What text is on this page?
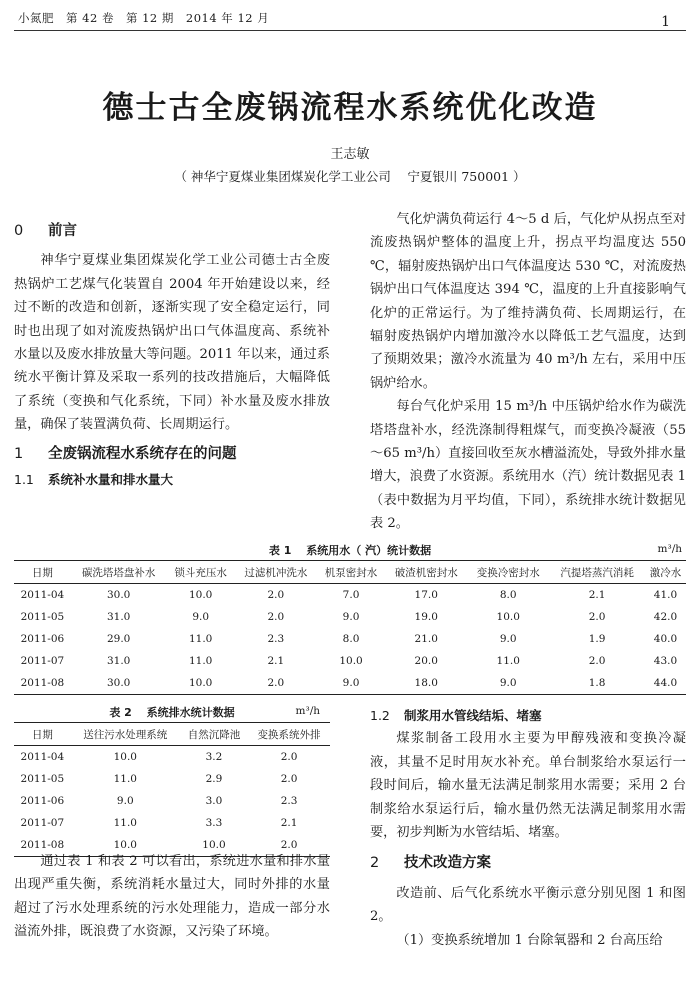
小氮肥　第 42 卷　第 12 期　2014 年 12 月	1
德士古全废锅流程水系统优化改造
王志敏
（ 神华宁夏煤业集团煤炭化学工业公司　 宁夏银川 750001 ）
0 前言

神华宁夏煤业集团煤炭化学工业公司德士古全废热锅炉工艺煤气化装置自 2004 年开始建设以来，经过不断的改造和创新，逐渐实现了安全稳定运行，同时也出现了如对流废热锅炉出口气体温度高、系统补水量以及废水排放量大等问题。2011 年以来，通过系统水平衡计算及采取一系列的技改措施后，大幅降低了系统（变换和气化系统，下同）补水量及废水排放量，确保了装置满负荷、长周期运行。

1 全废锅流程水系统存在的问题
1.1 系统补水量和排水量大

气化炉满负荷运行 4～5 d 后，气化炉从拐点至对流废热锅炉整体的温度上升，拐点平均温度达 550 ℃，辐射废热锅炉出口气体温度达 530 ℃，对流废热锅炉出口气体温度达 394 ℃，温度的上升直接影响气化炉的正常运行。为了维持满负荷、长周期运行，在辐射废热锅炉内增加激冷水以降低工艺气温度，达到了预期效果；激冷水流量为 40 m³/h 左右，采用中压锅炉给水。

每台气化炉采用 15 m³/h 中压锅炉给水作为碳洗塔塔盘补水，经洗涤制得粗煤气，而变换冷凝液（55～65 m³/h）直接回收至灰水槽溢流处，导致外排水量增大，浪费了水资源。系统用水（汽）统计数据见表 1（表中数据为月平均值，下同），系统排水统计数据见表 2。

表 1　 系统用水（ 汽）统计数据	m³/h
日期	碳洗塔塔盘补水	锁斗充压水	过滤机冲洗水	机泵密封水	破渣机密封水	变换冷密封水	汽提塔蒸汽消耗	激冷水
2011-04	30.0	10.0	2.0	7.0	17.0	8.0	2.1	41.0
2011-05	31.0	9.0	2.0	9.0	19.0	10.0	2.0	42.0
2011-06	29.0	11.0	2.3	8.0	21.0	9.0	1.9	40.0
2011-07	31.0	11.0	2.1	10.0	20.0	11.0	2.0	43.0
2011-08	30.0	10.0	2.0	9.0	18.0	9.0	1.8	44.0
表 2　 系统排水统计数据	m³/h
日期	送往污水处理系统	自然沉降池	变换系统外排
2011-04	10.0	3.2	2.0
2011-05	11.0	2.9	2.0
2011-06	9.0	3.0	2.3
2011-07	11.0	3.3	2.1
2011-08	10.0	10.0	2.0

通过表 1 和表 2 可以看出，系统进水量和排水量出现严重失衡，系统消耗水量过大，同时外排的水量超过了污水处理系统的污水处理能力，造成一部分水溢流外排，既浪费了水资源，又污染了环境。

1.2 制浆用水管线结垢、堵塞

煤浆制备工段用水主要为甲醇残液和变换冷凝液，其量不足时用灰水补充。单台制浆给水泵运行一段时间后，输水量无法满足制浆用水需要；采用 2 台制浆给水泵运行后，输水量仍然无法满足制浆用水需要，初步判断为水管结垢、堵塞。

2 技术改造方案

改造前、后气化系统水平衡示意分别见图 1 和图 2。

（1）变换系统增加 1 台除氧器和 2 台高压给
